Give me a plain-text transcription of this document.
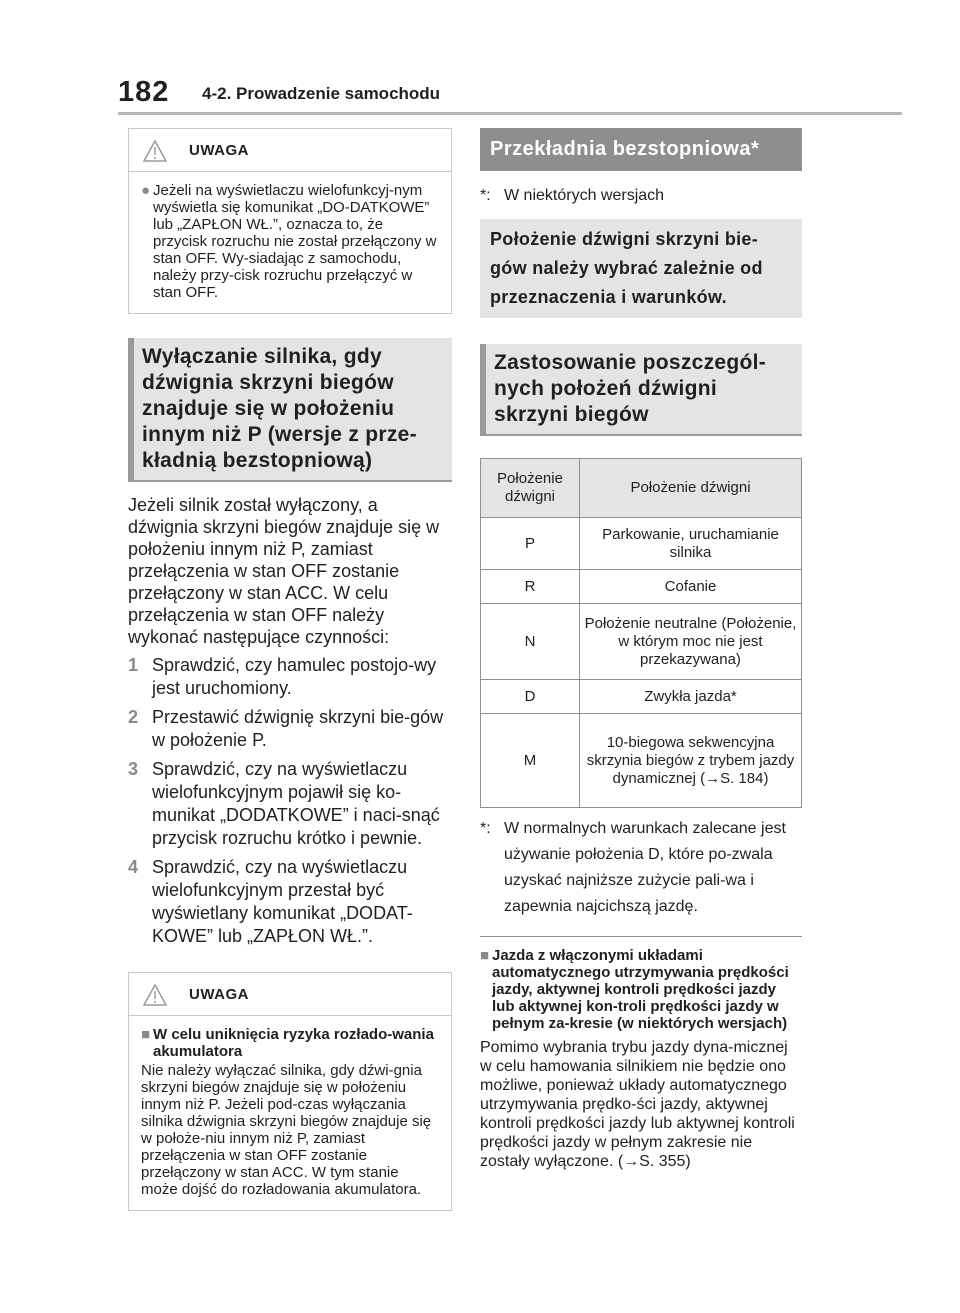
182 4-2. Prowadzenie samochodu
UWAGA
● Jeżeli na wyświetlaczu wielofunkcyj-nym wyświetla się komunikat „DO-DATKOWE” lub „ZAPŁON WŁ.”, oznacza to, że przycisk rozruchu nie został przełączony w stan OFF. Wy-siadając z samochodu, należy przy-cisk rozruchu przełączyć w stan OFF.
Wyłączanie silnika, gdy dźwignia skrzyni biegów znajduje się w położeniu innym niż P (wersje z prze-kładnią bezstopniową)
Jeżeli silnik został wyłączony, a dźwignia skrzyni biegów znajduje się w położeniu innym niż P, zamiast przełączenia w stan OFF zostanie przełączony w stan ACC. W celu przełączenia w stan OFF należy wykonać następujące czynności:
1 Sprawdzić, czy hamulec postojo-wy jest uruchomiony.
2 Przestawić dźwignię skrzyni bie-gów w położenie P.
3 Sprawdzić, czy na wyświetlaczu wielofunkcyjnym pojawił się ko-munikat „DODATKOWE” i naci-snąć przycisk rozruchu krótko i pewnie.
4 Sprawdzić, czy na wyświetlaczu wielofunkcyjnym przestał być wyświetlany komunikat „DODAT-KOWE” lub „ZAPŁON WŁ.”.
UWAGA
■ W celu uniknięcia ryzyka rozłado-wania akumulatora
Nie należy wyłączać silnika, gdy dźwi-gnia skrzyni biegów znajduje się w położeniu innym niż P. Jeżeli pod-czas wyłączania silnika dźwignia skrzyni biegów znajduje się w położe-niu innym niż P, zamiast przełączenia w stan OFF zostanie przełączony w stan ACC. W tym stanie może dojść do rozładowania akumulatora.
Przekładnia bezstopniowa*
*: W niektórych wersjach
Położenie dźwigni skrzyni bie-gów należy wybrać zależnie od przeznaczenia i warunków.
Zastosowanie poszczegól-nych położeń dźwigni skrzyni biegów
Położenie dźwigni	Położenie dźwigni
P	Parkowanie, uruchamianie silnika
R	Cofanie
N	Położenie neutralne (Położenie, w którym moc nie jest przekazywana)
D	Zwykła jazda*
M	10-biegowa sekwencyjna skrzynia biegów z trybem jazdy dynamicznej (→S. 184)
*: W normalnych warunkach zalecane jest używanie położenia D, które po-zwala uzyskać najniższe zużycie pali-wa i zapewnia najcichszą jazdę.
■ Jazda z włączonymi układami automatycznego utrzymywania prędkości jazdy, aktywnej kontroli prędkości jazdy lub aktywnej kon-troli prędkości jazdy w pełnym za-kresie (w niektórych wersjach)
Pomimo wybrania trybu jazdy dyna-micznej w celu hamowania silnikiem nie będzie ono możliwe, ponieważ układy automatycznego utrzymywania prędko-ści jazdy, aktywnej kontroli prędkości jazdy lub aktywnej kontroli prędkości jazdy w pełnym zakresie nie zostały wyłączone. (→S. 355)
